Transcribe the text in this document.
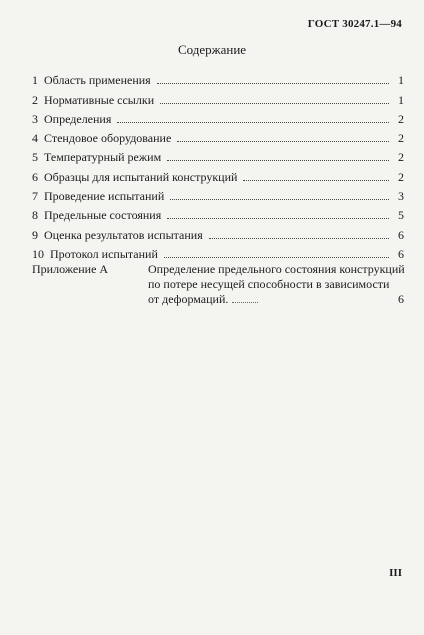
ГОСТ 30247.1—94
Содержание
1 Область применения	1
2 Нормативные ссылки	1
3 Определения	2
4 Стендовое оборудование	2
5 Температурный режим	2
6 Образцы для испытаний конструкций	2
7 Проведение испытаний	3
8 Предельные состояния	5
9 Оценка результатов испытания	6
10 Протокол испытаний	6
Приложение А	Определение предельного состояния конструкций
по потере несущей способности в зависимости
от деформаций.	6
III
